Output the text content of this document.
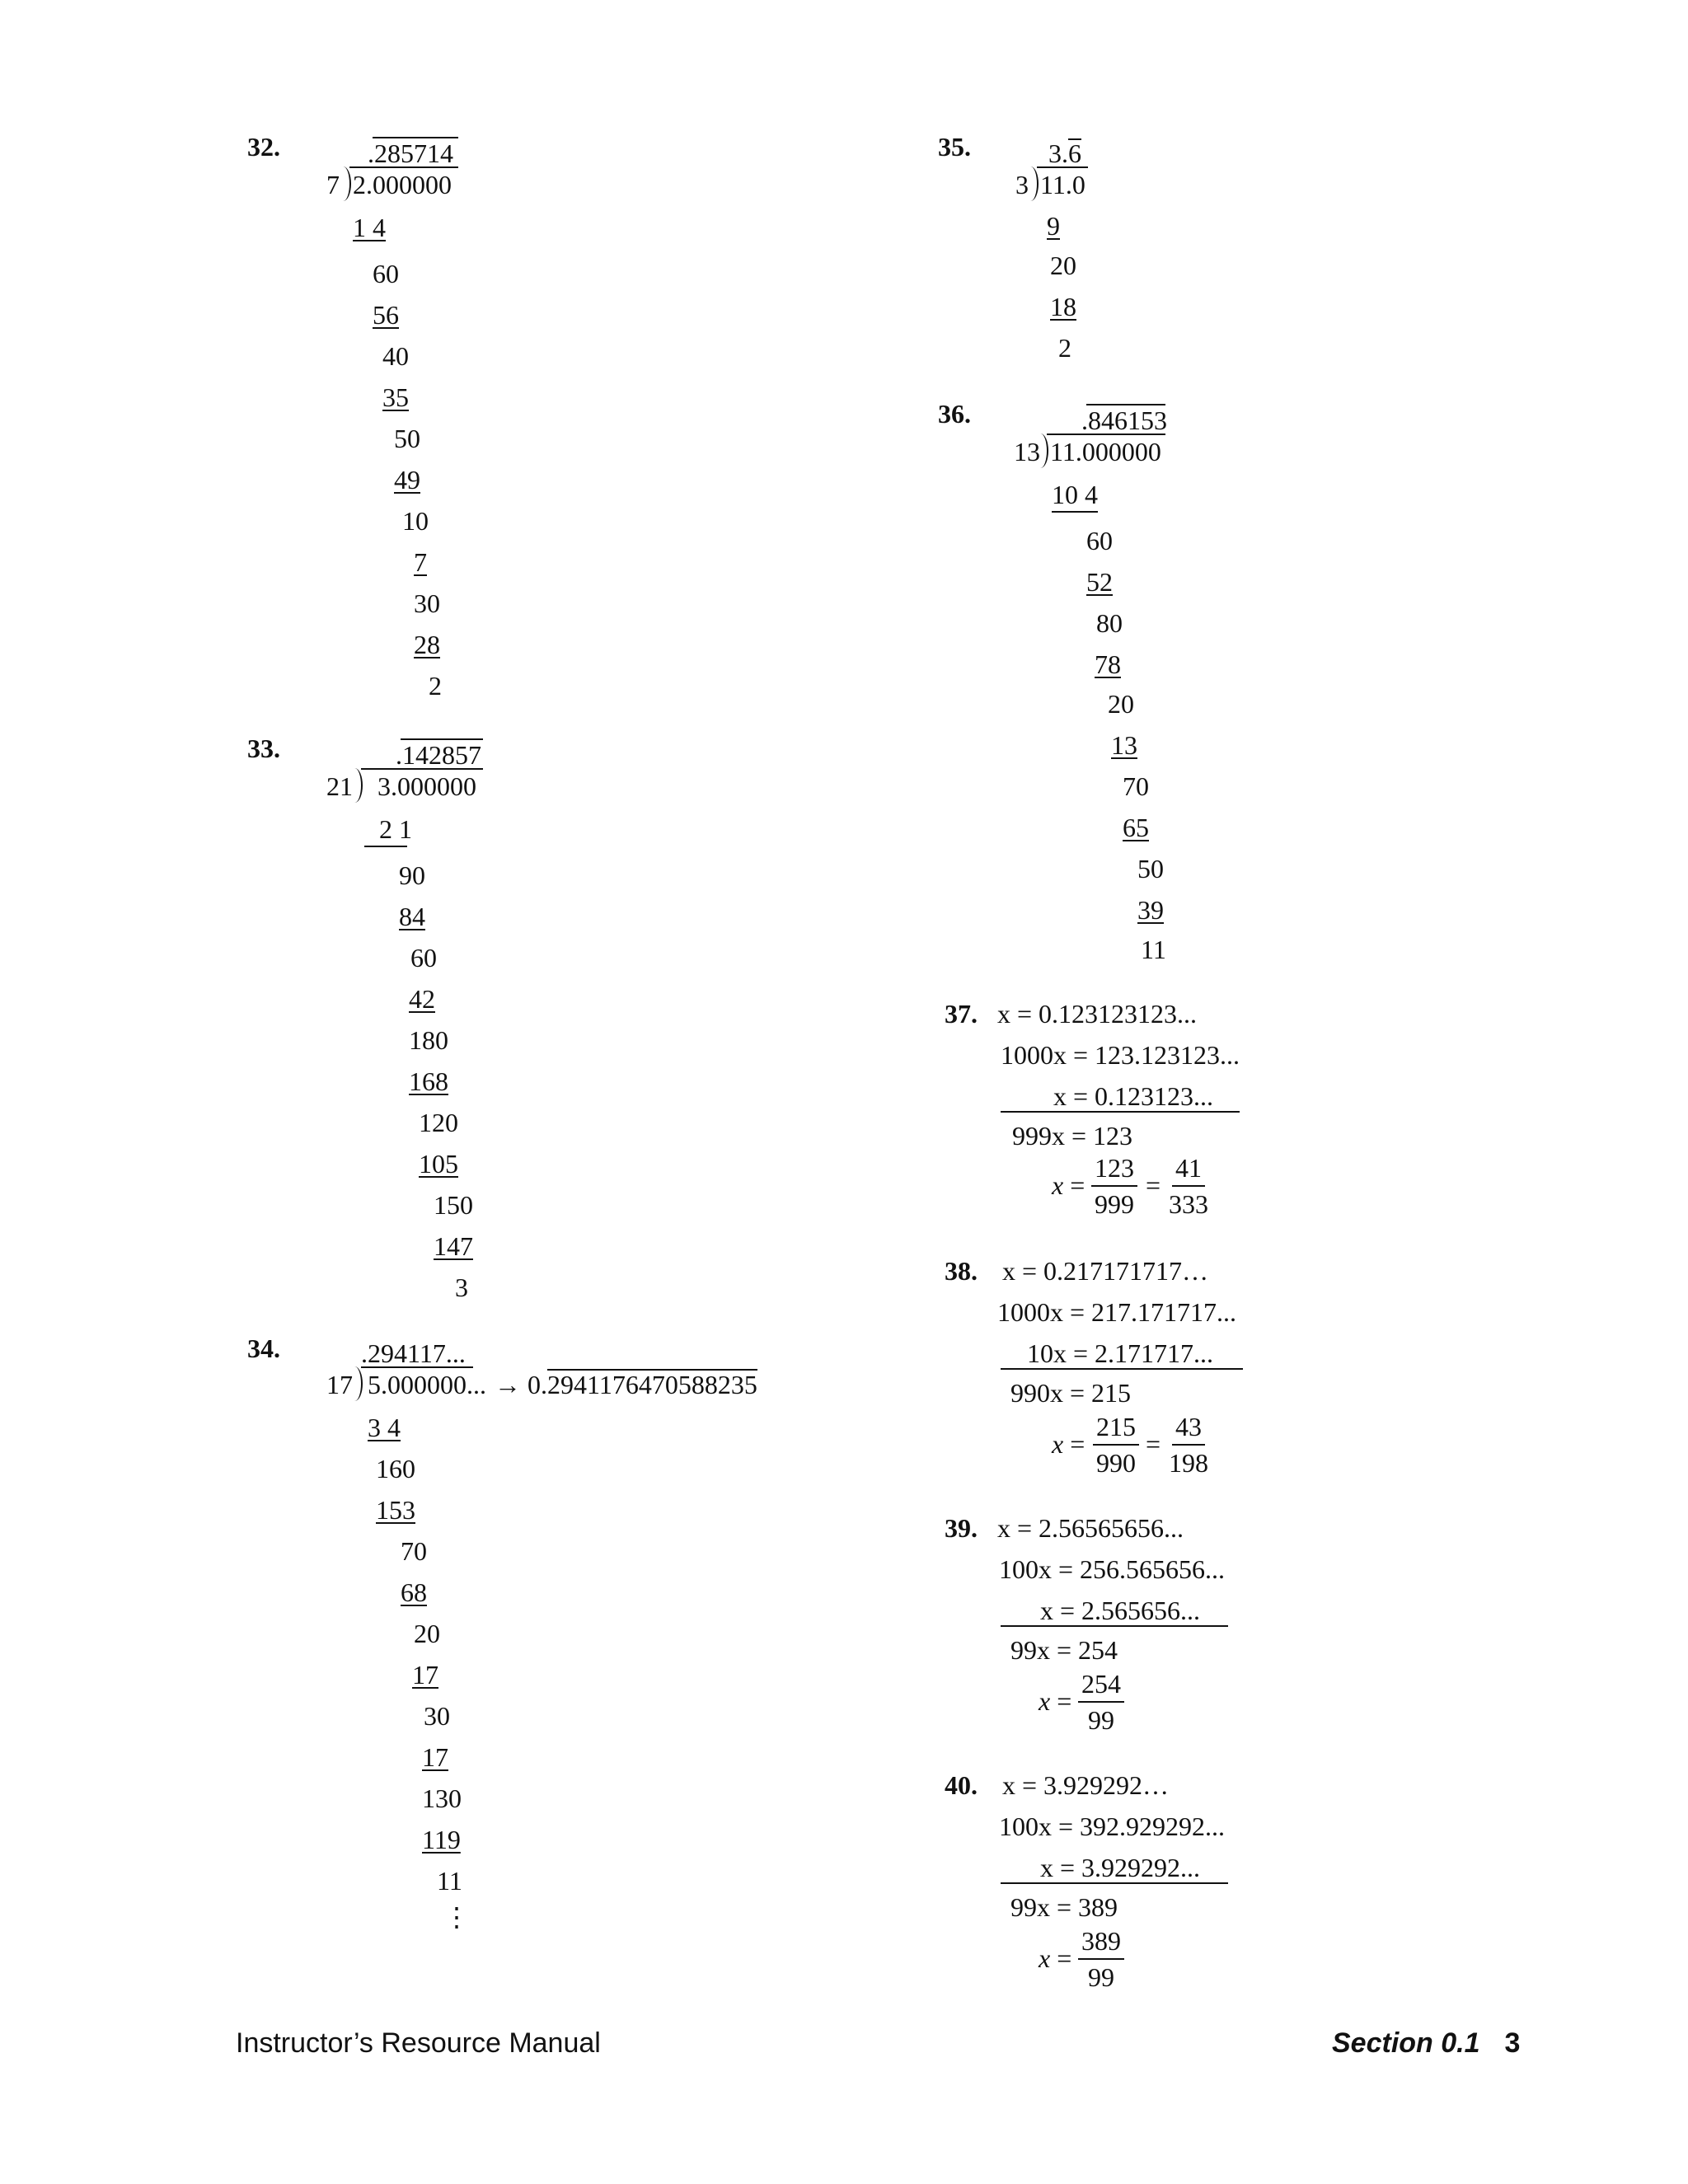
32.	.285714
7 2.000000
1 4
60
56
40
35
50
49
10
7
30
28
2
33.	.142857
21 3.000000
2 1
90
84
60
42
180
168
120
105
150
147
3
34.	.294117...
17 5.000000... → 0.2941176470588235
3 4
160
153
70
68
20
17
30
17
130
119
11
⋮
35.	3.6
3 11.0
9
20
18
2
36.	.846153
13 11.000000
10 4
60
52
80
78
20
13
70
65
50
39
11
37. x = 0.123123123...
1000x = 123.123123...
x = 0.123123...
999x = 123
$x = \frac{123}{999} = \frac{41}{333}$
38. x = 0.217171717…
1000x = 217.171717...
10x = 2.171717...
990x = 215
$x = \frac{215}{990} = \frac{43}{198}$
39. x = 2.56565656...
100x = 256.565656...
x = 2.565656...
99x = 254
$x = \frac{254}{99}$
40. x = 3.929292…
100x = 392.929292...
x = 3.929292...
99x = 389
$x = \frac{389}{99}$
Instructor’s Resource Manual	Section 0.1 3
